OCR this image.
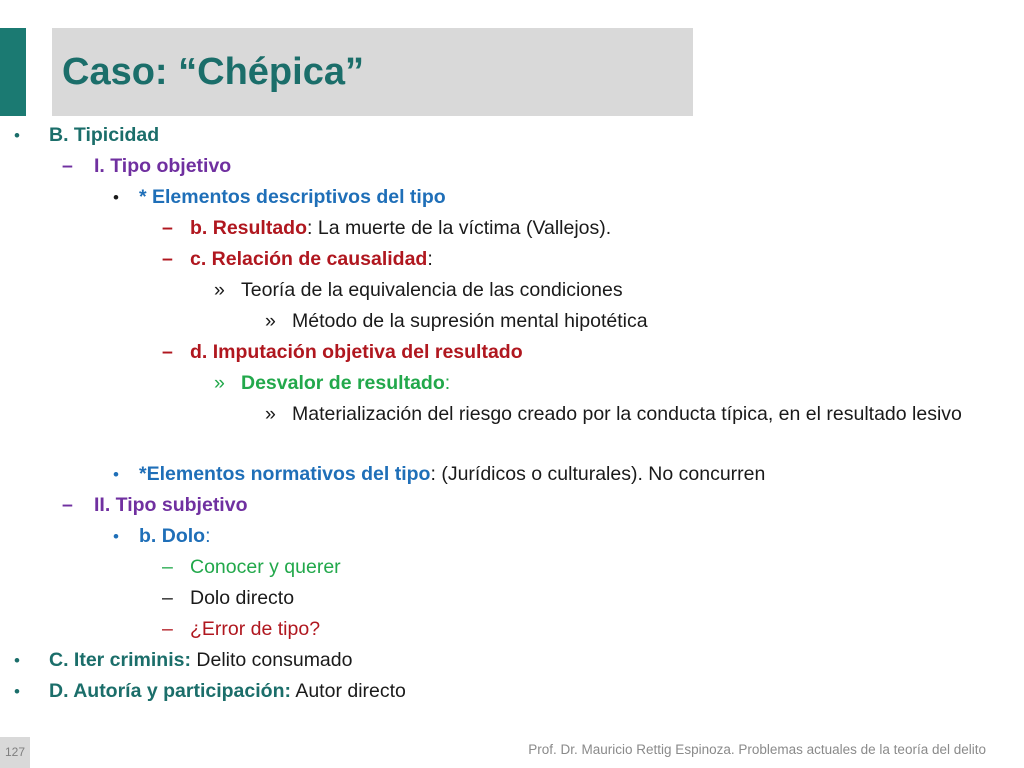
Caso: “Chépica”
• B. Tipicidad
– I. Tipo objetivo
• * Elementos descriptivos del tipo
– b. Resultado: La muerte de la víctima (Vallejos).
– c. Relación de causalidad:
» Teoría de la equivalencia de las condiciones
» Método de la supresión mental hipotética
– d. Imputación objetiva del resultado
» Desvalor de resultado:
» Materialización del riesgo creado por la conducta típica, en el resultado lesivo
• *Elementos normativos del tipo: (Jurídicos o culturales). No concurren
– II. Tipo subjetivo
• b. Dolo:
– Conocer y querer
– Dolo directo
– ¿Error de tipo?
• C. Iter criminis: Delito consumado
• D. Autoría y participación: Autor directo
127	Prof. Dr. Mauricio Rettig Espinoza. Problemas actuales de la teoría del delito
